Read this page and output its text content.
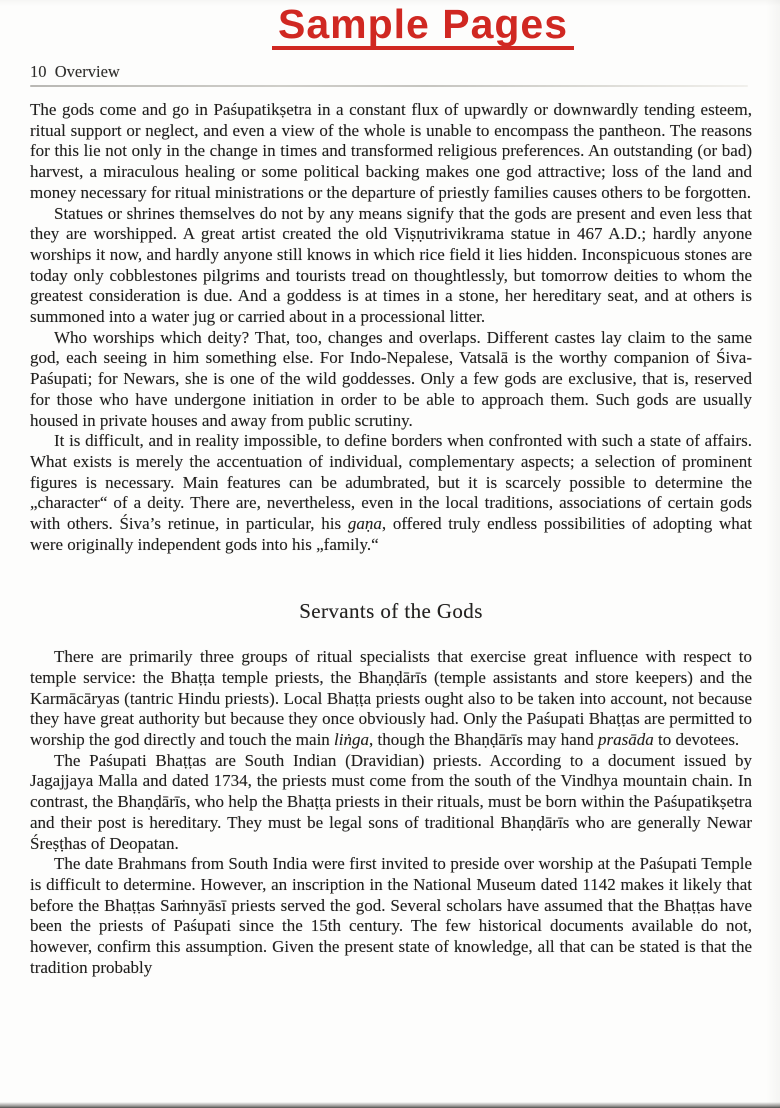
Sample Pages
10  Overview

The gods come and go in Paśupatikṣetra in a constant flux of upwardly or downwardly tending esteem, ritual support or neglect, and even a view of the whole is unable to encompass the pantheon. The reasons for this lie not only in the change in times and transformed religious preferences. An outstanding (or bad) harvest, a miraculous healing or some political backing makes one god attractive; loss of the land and money necessary for ritual ministrations or the departure of priestly families causes others to be forgotten.

Statues or shrines themselves do not by any means signify that the gods are present and even less that they are worshipped. A great artist created the old Viṣṇutrivikrama statue in 467 A.D.; hardly anyone worships it now, and hardly anyone still knows in which rice field it lies hidden. Inconspicuous stones are today only cobblestones pilgrims and tourists tread on thoughtlessly, but tomorrow deities to whom the greatest consideration is due. And a goddess is at times in a stone, her hereditary seat, and at others is summoned into a water jug or carried about in a processional litter.

Who worships which deity? That, too, changes and overlaps. Different castes lay claim to the same god, each seeing in him something else. For Indo-Nepalese, Vatsalā is the worthy companion of Śiva-Paśupati; for Newars, she is one of the wild goddesses. Only a few gods are exclusive, that is, reserved for those who have undergone initiation in order to be able to approach them. Such gods are usually housed in private houses and away from public scrutiny.

It is difficult, and in reality impossible, to define borders when confronted with such a state of affairs. What exists is merely the accentuation of individual, complementary aspects; a selection of prominent figures is necessary. Main features can be adumbrated, but it is scarcely possible to determine the „character“ of a deity. There are, nevertheless, even in the local traditions, associations of certain gods with others. Śiva’s retinue, in particular, his gaṇa, offered truly endless possibilities of adopting what were originally independent gods into his „family.“

Servants of the Gods

There are primarily three groups of ritual specialists that exercise great influence with respect to temple service: the Bhaṭṭa temple priests, the Bhaṇḍārīs (temple assistants and store keepers) and the Karmācāryas (tantric Hindu priests). Local Bhaṭṭa priests ought also to be taken into account, not because they have great authority but because they once obviously had. Only the Paśupati Bhaṭṭas are permitted to worship the god directly and touch the main liṅga, though the Bhaṇḍārīs may hand prasāda to devotees.

The Paśupati Bhaṭṭas are South Indian (Dravidian) priests. According to a document issued by Jagajjaya Malla and dated 1734, the priests must come from the south of the Vindhya mountain chain. In contrast, the Bhaṇḍārīs, who help the Bhaṭṭa priests in their rituals, must be born within the Paśupatikṣetra and their post is hereditary. They must be legal sons of traditional Bhaṇḍārīs who are generally Newar Śreṣṭhas of Deopatan.

The date Brahmans from South India were first invited to preside over worship at the Paśupati Temple is difficult to determine. However, an inscription in the National Museum dated 1142 makes it likely that before the Bhaṭṭas Saṁnyāsī priests served the god. Several scholars have assumed that the Bhaṭṭas have been the priests of Paśupati since the 15th century. The few historical documents available do not, however, confirm this assumption. Given the present state of knowledge, all that can be stated is that the tradition probably
